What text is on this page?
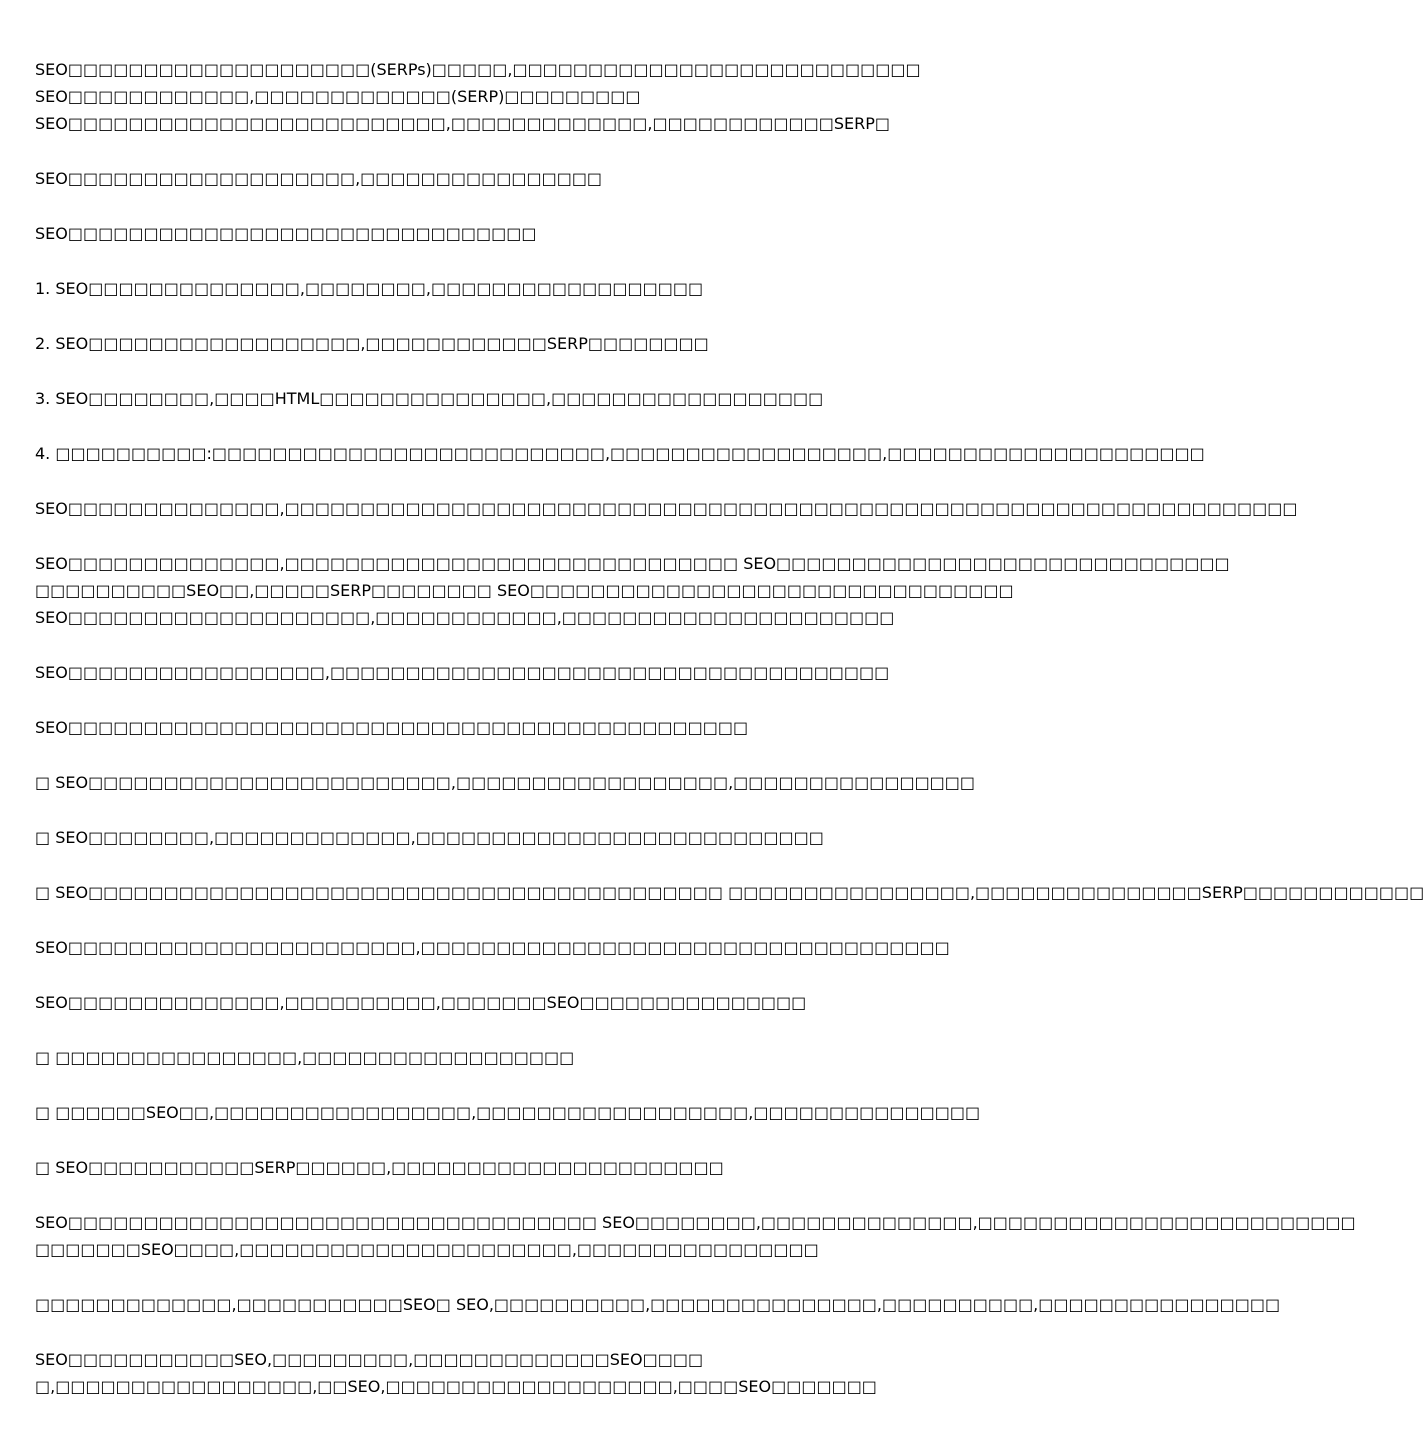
SEO□□□□□□□□□□□□□□□□□□□□(SERPs)□□□□□,□□□□□□□□□□□□□□□□□□□□□□□□□□□
SEO□□□□□□□□□□□□,□□□□□□□□□□□□□(SERP)□□□□□□□□□
SEO□□□□□□□□□□□□□□□□□□□□□□□□□,□□□□□□□□□□□□□,□□□□□□□□□□□□SERP□
SEO□□□□□□□□□□□□□□□□□□□,□□□□□□□□□□□□□□□□
SEO□□□□□□□□□□□□□□□□□□□□□□□□□□□□□□□
1. SEO□□□□□□□□□□□□□□,□□□□□□□□,□□□□□□□□□□□□□□□□□□
2. SEO□□□□□□□□□□□□□□□□□□,□□□□□□□□□□□□SERP□□□□□□□□
3. SEO□□□□□□□□,□□□□HTML□□□□□□□□□□□□□□□,□□□□□□□□□□□□□□□□□□
4. □□□□□□□□□□:□□□□□□□□□□□□□□□□□□□□□□□□□□,□□□□□□□□□□□□□□□□□□,□□□□□□□□□□□□□□□□□□□□□
SEO□□□□□□□□□□□□□□,□□□□□□□□□□□□□□□□□□□□□□□□□□□□□□□□□□□□□□□□□□□□□□□□□□□□□□□□□□□□□□□□□□□
SEO□□□□□□□□□□□□□□,□□□□□□□□□□□□□□□□□□□□□□□□□□□□□□ SEO□□□□□□□□□□□□□□□□□□□□□□□□□□□□□□
□□□□□□□□□□SEO□□,□□□□□SERP□□□□□□□□ SEO□□□□□□□□□□□□□□□□□□□□□□□□□□□□□□□□
SEO□□□□□□□□□□□□□□□□□□□□,□□□□□□□□□□□□,□□□□□□□□□□□□□□□□□□□□□□
SEO□□□□□□□□□□□□□□□□□,□□□□□□□□□□□□□□□□□□□□□□□□□□□□□□□□□□□□□
SEO□□□□□□□□□□□□□□□□□□□□□□□□□□□□□□□□□□□□□□□□□□□□□
□ SEO□□□□□□□□□□□□□□□□□□□□□□□□,□□□□□□□□□□□□□□□□□□,□□□□□□□□□□□□□□□□
□ SEO□□□□□□□□,□□□□□□□□□□□□□,□□□□□□□□□□□□□□□□□□□□□□□□□□□
□ SEO□□□□□□□□□□□□□□□□□□□□□□□□□□□□□□□□□□□□□□□□□□ □□□□□□□□□□□□□□□□,□□□□□□□□□□□□□□□SERP□□□□□□□□□□□□
SEO□□□□□□□□□□□□□□□□□□□□□□□,□□□□□□□□□□□□□□□□□□□□□□□□□□□□□□□□□□□
SEO□□□□□□□□□□□□□□,□□□□□□□□□□,□□□□□□□SEO□□□□□□□□□□□□□□□
□ □□□□□□□□□□□□□□□□,□□□□□□□□□□□□□□□□□□
□ □□□□□□SEO□□,□□□□□□□□□□□□□□□□□,□□□□□□□□□□□□□□□□□□,□□□□□□□□□□□□□□□
□ SEO□□□□□□□□□□□SERP□□□□□□,□□□□□□□□□□□□□□□□□□□□□□
SEO□□□□□□□□□□□□□□□□□□□□□□□□□□□□□□□□□□□ SEO□□□□□□□□,□□□□□□□□□□□□□□,□□□□□□□□□□□□□□□□□□□□□□□□□
□□□□□□□SEO□□□□,□□□□□□□□□□□□□□□□□□□□□□,□□□□□□□□□□□□□□□□
□□□□□□□□□□□□□,□□□□□□□□□□□SEO□ SEO,□□□□□□□□□□,□□□□□□□□□□□□□□□,□□□□□□□□□□,□□□□□□□□□□□□□□□□
SEO□□□□□□□□□□□SEO,□□□□□□□□□,□□□□□□□□□□□□□SEO□□□□
□,□□□□□□□□□□□□□□□□□,□□SEO,□□□□□□□□□□□□□□□□□□□,□□□□SEO□□□□□□□
